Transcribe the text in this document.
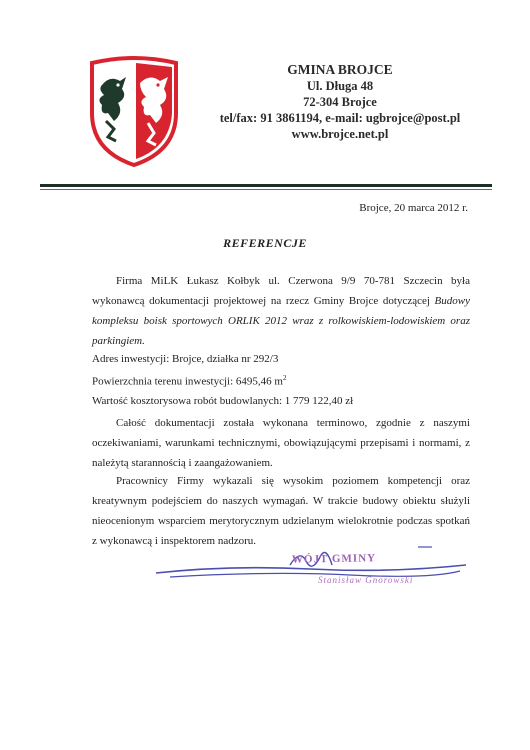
GMINA BROJCE
Ul. Długa 48
72-304 Brojce
tel/fax: 91 3861194, e-mail: ugbrojce@post.pl
www.brojce.net.pl
Brojce, 20 marca 2012 r.
REFERENCJE
Firma MiLK Łukasz Kołbyk ul. Czerwona 9/9 70-781 Szczecin była wykonawcą dokumentacji projektowej na rzecz Gminy Brojce dotyczącej Budowy kompleksu boisk sportowych ORLIK 2012 wraz z rolkowiskiem-lodowiskiem oraz parkingiem.
Adres inwestycji: Brojce, działka nr 292/3
Powierzchnia terenu inwestycji: 6495,46 $m^2$
Wartość kosztorysowa robót budowlanych: 1 779 122,40 zł
Całość dokumentacji została wykonana terminowo, zgodnie z naszymi oczekiwaniami, warunkami technicznymi, obowiązującymi przepisami i normami, z należytą starannością i zaangażowaniem.
Pracownicy Firmy wykazali się wysokim poziomem kompetencji oraz kreatywnym podejściem do naszych wymagań. W trakcie budowy obiektu służyli nieocenionym wsparciem merytorycznym udzielanym wielokrotnie podczas spotkań z wykonawcą i inspektorem nadzoru.
WÓJT GMINY
Stanisław Gnorowski
